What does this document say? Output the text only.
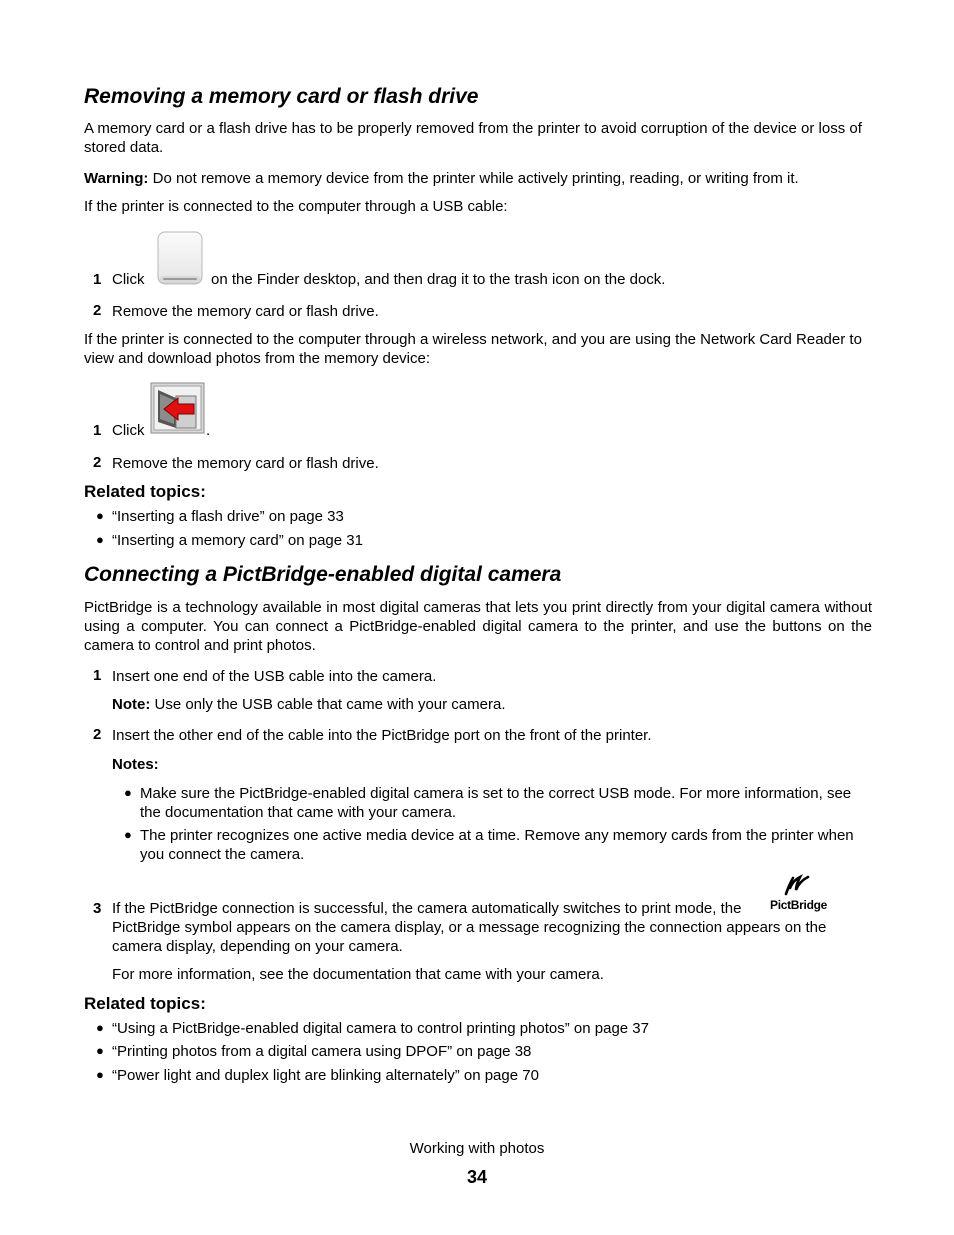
Removing a memory card or flash drive
A memory card or a flash drive has to be properly removed from the printer to avoid corruption of the device or loss of stored data.
Warning: Do not remove a memory device from the printer while actively printing, reading, or writing from it.
If the printer is connected to the computer through a USB cable:
1 Click	on the Finder desktop, and then drag it to the trash icon on the dock.
2 Remove the memory card or flash drive.
If the printer is connected to the computer through a wireless network, and you are using the Network Card Reader to view and download photos from the memory device:
1 Click	.
2 Remove the memory card or flash drive.
Related topics:
● “Inserting a flash drive” on page 33
● “Inserting a memory card” on page 31
Connecting a PictBridge-enabled digital camera
PictBridge is a technology available in most digital cameras that lets you print directly from your digital camera without using a computer. You can connect a PictBridge-enabled digital camera to the printer, and use the buttons on the camera to control and print photos.
1 Insert one end of the USB cable into the camera.
Note: Use only the USB cable that came with your camera.
2 Insert the other end of the cable into the PictBridge port on the front of the printer.
Notes:
● Make sure the PictBridge-enabled digital camera is set to the correct USB mode. For more information, see the documentation that came with your camera.
● The printer recognizes one active media device at a time. Remove any memory cards from the printer when you connect the camera.
3 If the PictBridge connection is successful, the camera automatically switches to print mode, the PictBridge
PictBridge symbol appears on the camera display, or a message recognizing the connection appears on the camera display, depending on your camera.
For more information, see the documentation that came with your camera.
Related topics:
● “Using a PictBridge-enabled digital camera to control printing photos” on page 37
● “Printing photos from a digital camera using DPOF” on page 38
● “Power light and duplex light are blinking alternately” on page 70
Working with photos
34
